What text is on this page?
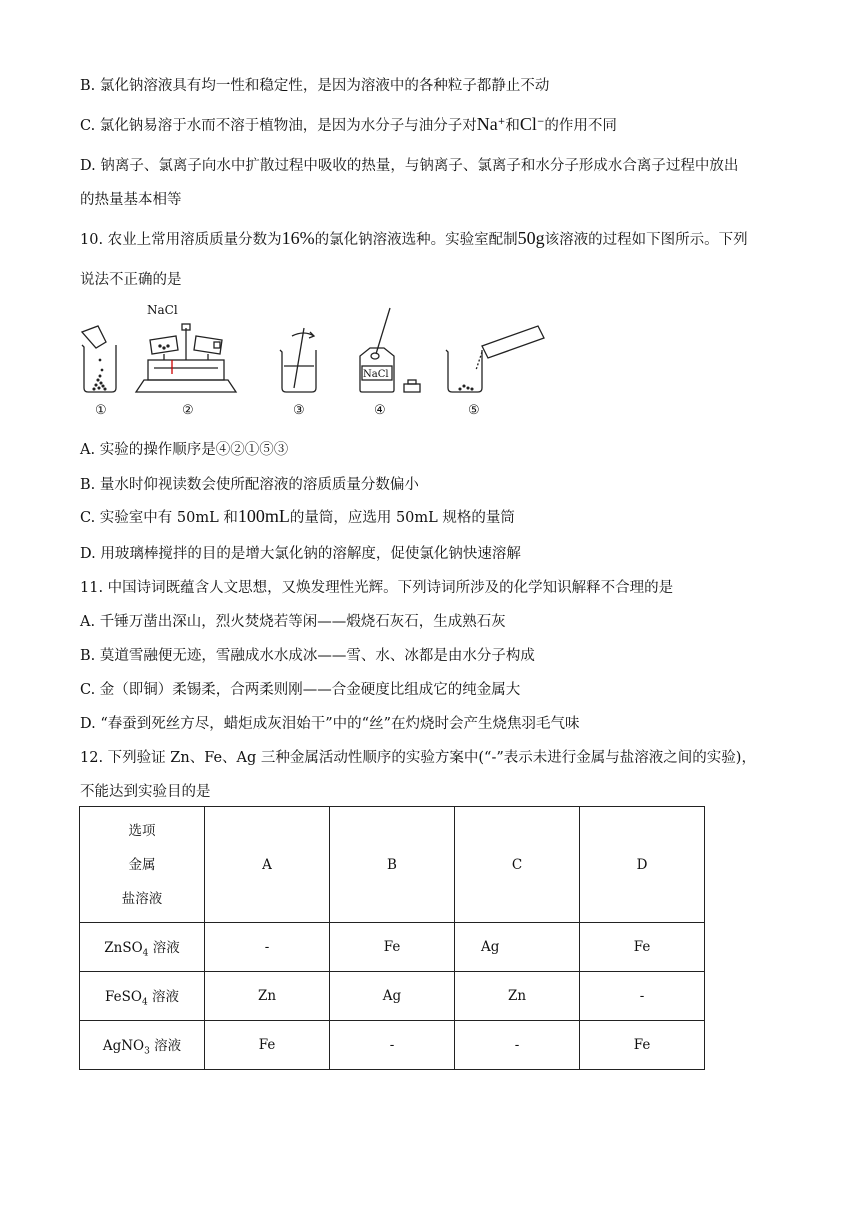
B. 氯化钠溶液具有均一性和稳定性，是因为溶液中的各种粒子都静止不动
C. 氯化钠易溶于水而不溶于植物油，是因为水分子与油分子对Na+和Cl−的作用不同
D. 钠离子、氯离子向水中扩散过程中吸收的热量，与钠离子、氯离子和水分子形成水合离子过程中放出
的热量基本相等
10. 农业上常用溶质质量分数为16%的氯化钠溶液选种。实验室配制50g该溶液的过程如下图所示。下列
说法不正确的是
NaCl
NaCl
①	②	③	④	⑤
A. 实验的操作顺序是④②①⑤③
B. 量水时仰视读数会使所配溶液的溶质质量分数偏小
C. 实验室中有 50mL 和100mL的量筒，应选用 50mL 规格的量筒
D. 用玻璃棒搅拌的目的是增大氯化钠的溶解度，促使氯化钠快速溶解
11. 中国诗词既蕴含人文思想，又焕发理性光辉。下列诗词所涉及的化学知识解释不合理的是
A. 千锤万凿出深山，烈火焚烧若等闲——煅烧石灰石，生成熟石灰
B. 莫道雪融便无迹，雪融成水水成冰——雪、水、冰都是由水分子构成
C. 金（即铜）柔锡柔，合两柔则刚——合金硬度比组成它的纯金属大
D. “春蚕到死丝方尽，蜡炬成灰泪始干”中的“丝”在灼烧时会产生烧焦羽毛气味
12. 下列验证 Zn、Fe、Ag 三种金属活动性顺序的实验方案中(“-”表示未进行金属与盐溶液之间的实验)，
不能达到实验目的是
选项
金属
盐溶液	A	B	C	D
ZnSO$_4$ 溶液	-	Fe	Ag	Fe
FeSO$_4$ 溶液	Zn	Ag	Zn	-
AgNO$_3$ 溶液	Fe	-	-	Fe
